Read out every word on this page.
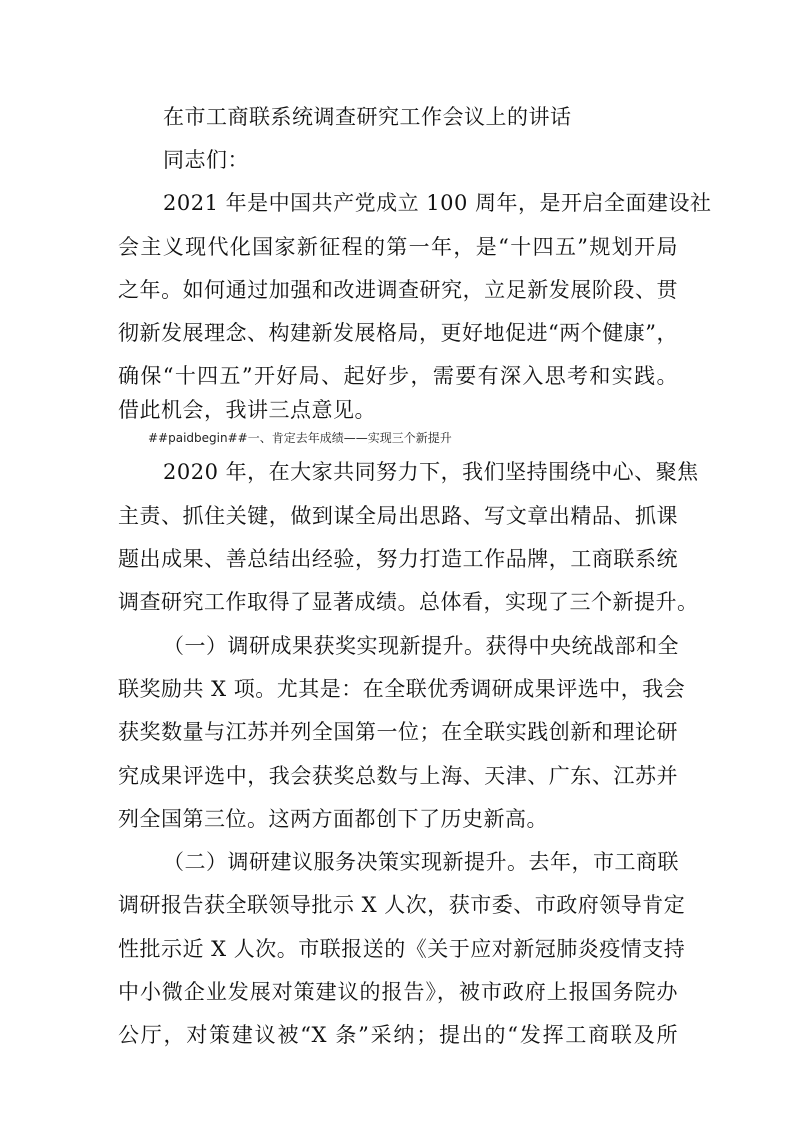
在市工商联系统调查研究工作会议上的讲话
同志们：
2021 年是中国共产党成立 100 周年，是开启全面建设社
会主义现代化国家新征程的第一年，是“十四五”规划开局
之年。如何通过加强和改进调查研究，立足新发展阶段、贯
彻新发展理念、构建新发展格局，更好地促进“两个健康”，
确保“十四五”开好局、起好步，需要有深入思考和实践。
借此机会，我讲三点意见。
##paidbegin##一、肯定去年成绩——实现三个新提升
2020 年，在大家共同努力下，我们坚持围绕中心、聚焦
主责、抓住关键，做到谋全局出思路、写文章出精品、抓课
题出成果、善总结出经验，努力打造工作品牌，工商联系统
调查研究工作取得了显著成绩。总体看，实现了三个新提升。
（一）调研成果获奖实现新提升。获得中央统战部和全
联奖励共 X 项。尤其是：在全联优秀调研成果评选中，我会
获奖数量与江苏并列全国第一位；在全联实践创新和理论研
究成果评选中，我会获奖总数与上海、天津、广东、江苏并
列全国第三位。这两方面都创下了历史新高。
（二）调研建议服务决策实现新提升。去年，市工商联
调研报告获全联领导批示 X 人次，获市委、市政府领导肯定
性批示近 X 人次。市联报送的《关于应对新冠肺炎疫情支持
中小微企业发展对策建议的报告》，被市政府上报国务院办
公厅，对策建议被“X 条”采纳；提出的“发挥工商联及所
